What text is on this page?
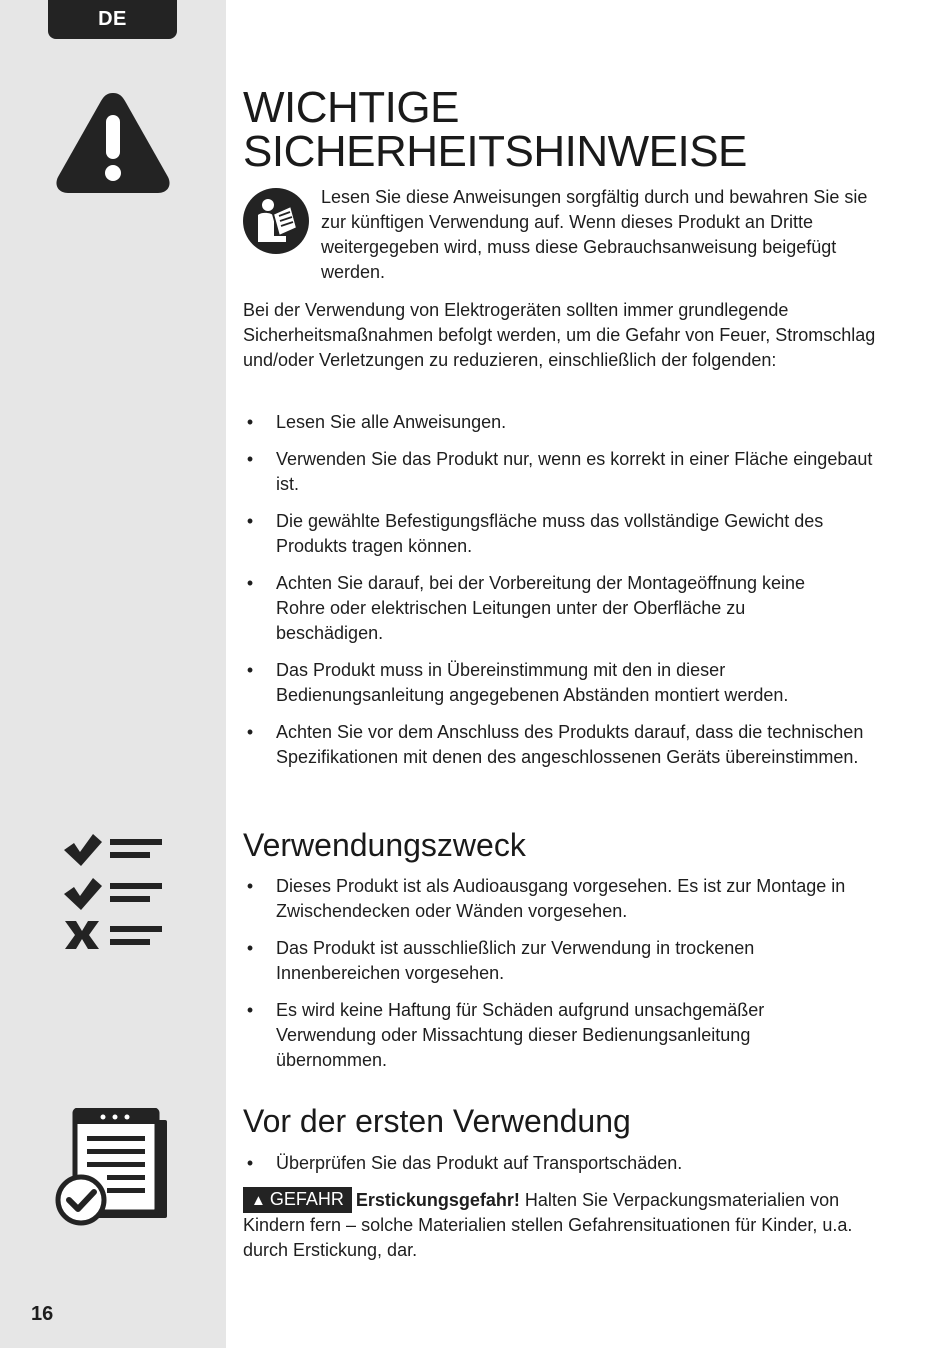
DE
16
WICHTIGE
SICHERHEITSHINWEISE

Lesen Sie diese Anweisungen sorgfältig durch und bewahren Sie sie zur künftigen Verwendung auf. Wenn dieses Produkt an Dritte weitergegeben wird, muss diese Gebrauchsanweisung beigefügt werden.

Bei der Verwendung von Elektrogeräten sollten immer grundlegende Sicherheitsmaßnahmen befolgt werden, um die Gefahr von Feuer, Stromschlag und/oder Verletzungen zu reduzieren, einschließlich der folgenden:

• Lesen Sie alle Anweisungen.
• Verwenden Sie das Produkt nur, wenn es korrekt in einer Fläche eingebaut ist.
• Die gewählte Befestigungsfläche muss das vollständige Gewicht des Produkts tragen können.
• Achten Sie darauf, bei der Vorbereitung der Montageöffnung keine Rohre oder elektrischen Leitungen unter der Oberfläche zu beschädigen.
• Das Produkt muss in Übereinstimmung mit den in dieser Bedienungsanleitung angegebenen Abständen montiert werden.
• Achten Sie vor dem Anschluss des Produkts darauf, dass die technischen Spezifikationen mit denen des angeschlossenen Geräts übereinstimmen.
Verwendungszweck
• Dieses Produkt ist als Audioausgang vorgesehen. Es ist zur Montage in Zwischendecken oder Wänden vorgesehen.
• Das Produkt ist ausschließlich zur Verwendung in trockenen Innenbereichen vorgesehen.
• Es wird keine Haftung für Schäden aufgrund unsachgemäßer Verwendung oder Missachtung dieser Bedienungsanleitung übernommen.
Vor der ersten Verwendung
• Überprüfen Sie das Produkt auf Transportschäden.

▲ GEFAHR Erstickungsgefahr! Halten Sie Verpackungsmaterialien von Kindern fern – solche Materialien stellen Gefahrensituationen für Kinder, u.a. durch Erstickung, dar.
